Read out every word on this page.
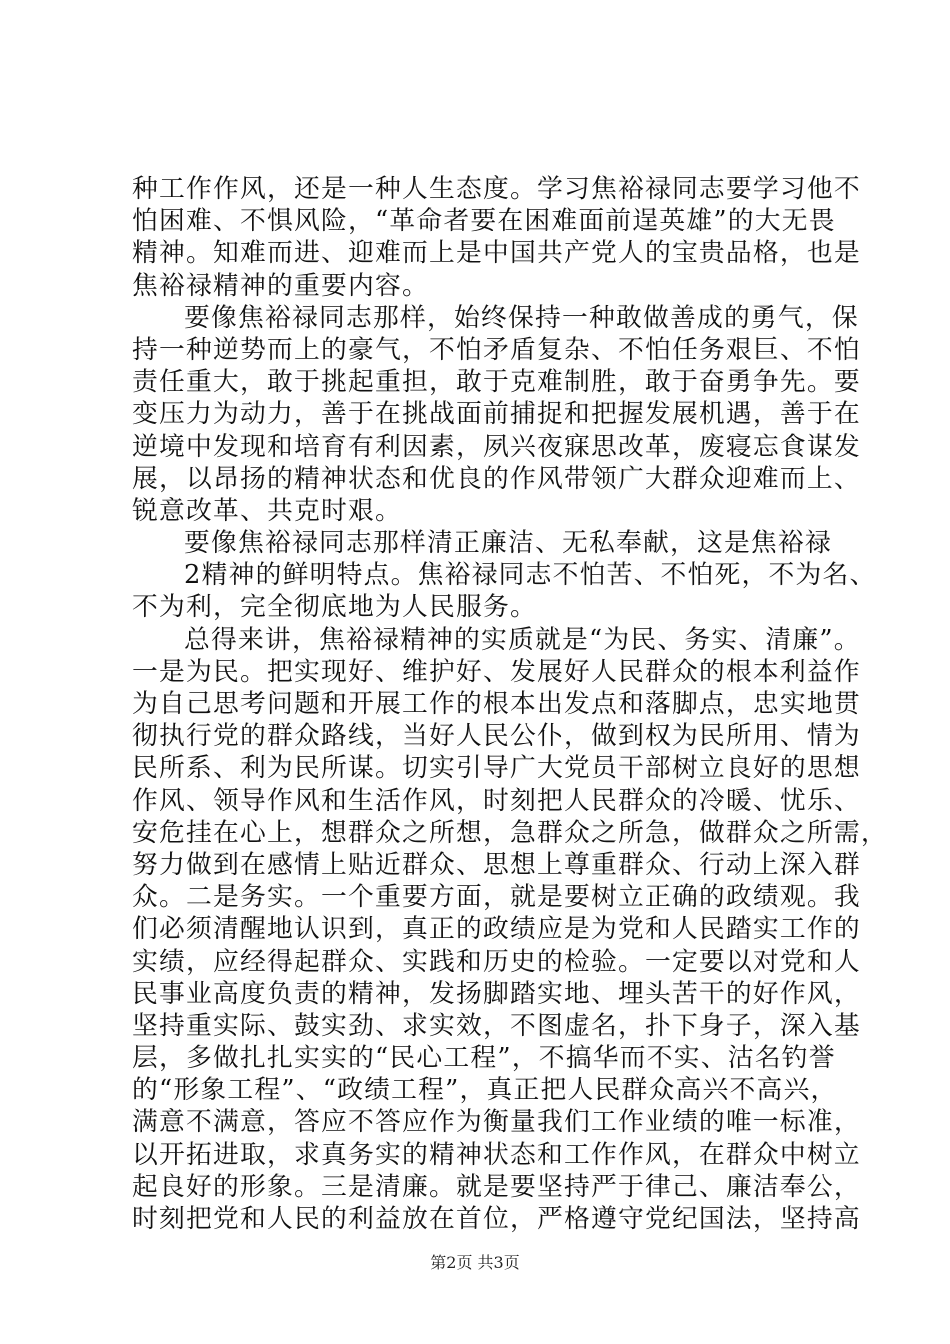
种工作作风，还是一种人生态度。学习焦裕禄同志要学习他不
怕困难、不惧风险，“革命者要在困难面前逞英雄”的大无畏
精神。知难而进、迎难而上是中国共产党人的宝贵品格，也是
焦裕禄精神的重要内容。
要像焦裕禄同志那样，始终保持一种敢做善成的勇气，保
持一种逆势而上的豪气，不怕矛盾复杂、不怕任务艰巨、不怕
责任重大，敢于挑起重担，敢于克难制胜，敢于奋勇争先。要
变压力为动力，善于在挑战面前捕捉和把握发展机遇，善于在
逆境中发现和培育有利因素，夙兴夜寐思改革，废寝忘食谋发
展，以昂扬的精神状态和优良的作风带领广大群众迎难而上、
锐意改革、共克时艰。
要像焦裕禄同志那样清正廉洁、无私奉献，这是焦裕禄
2精神的鲜明特点。焦裕禄同志不怕苦、不怕死，不为名、
不为利，完全彻底地为人民服务。
总得来讲，焦裕禄精神的实质就是“为民、务实、清廉”。
一是为民。把实现好、维护好、发展好人民群众的根本利益作
为自己思考问题和开展工作的根本出发点和落脚点，忠实地贯
彻执行党的群众路线，当好人民公仆，做到权为民所用、情为
民所系、利为民所谋。切实引导广大党员干部树立良好的思想
作风、领导作风和生活作风，时刻把人民群众的冷暖、忧乐、
安危挂在心上，想群众之所想，急群众之所急，做群众之所需，
努力做到在感情上贴近群众、思想上尊重群众、行动上深入群
众。二是务实。一个重要方面，就是要树立正确的政绩观。我
们必须清醒地认识到，真正的政绩应是为党和人民踏实工作的
实绩，应经得起群众、实践和历史的检验。一定要以对党和人
民事业高度负责的精神，发扬脚踏实地、埋头苦干的好作风，
坚持重实际、鼓实劲、求实效，不图虚名，扑下身子，深入基
层，多做扎扎实实的“民心工程”，不搞华而不实、沽名钓誉
的“形象工程”、“政绩工程”，真正把人民群众高兴不高兴，
满意不满意，答应不答应作为衡量我们工作业绩的唯一标准，
以开拓进取，求真务实的精神状态和工作作风，在群众中树立
起良好的形象。三是清廉。就是要坚持严于律己、廉洁奉公，
时刻把党和人民的利益放在首位，严格遵守党纪国法，坚持高
第2页 共3页
